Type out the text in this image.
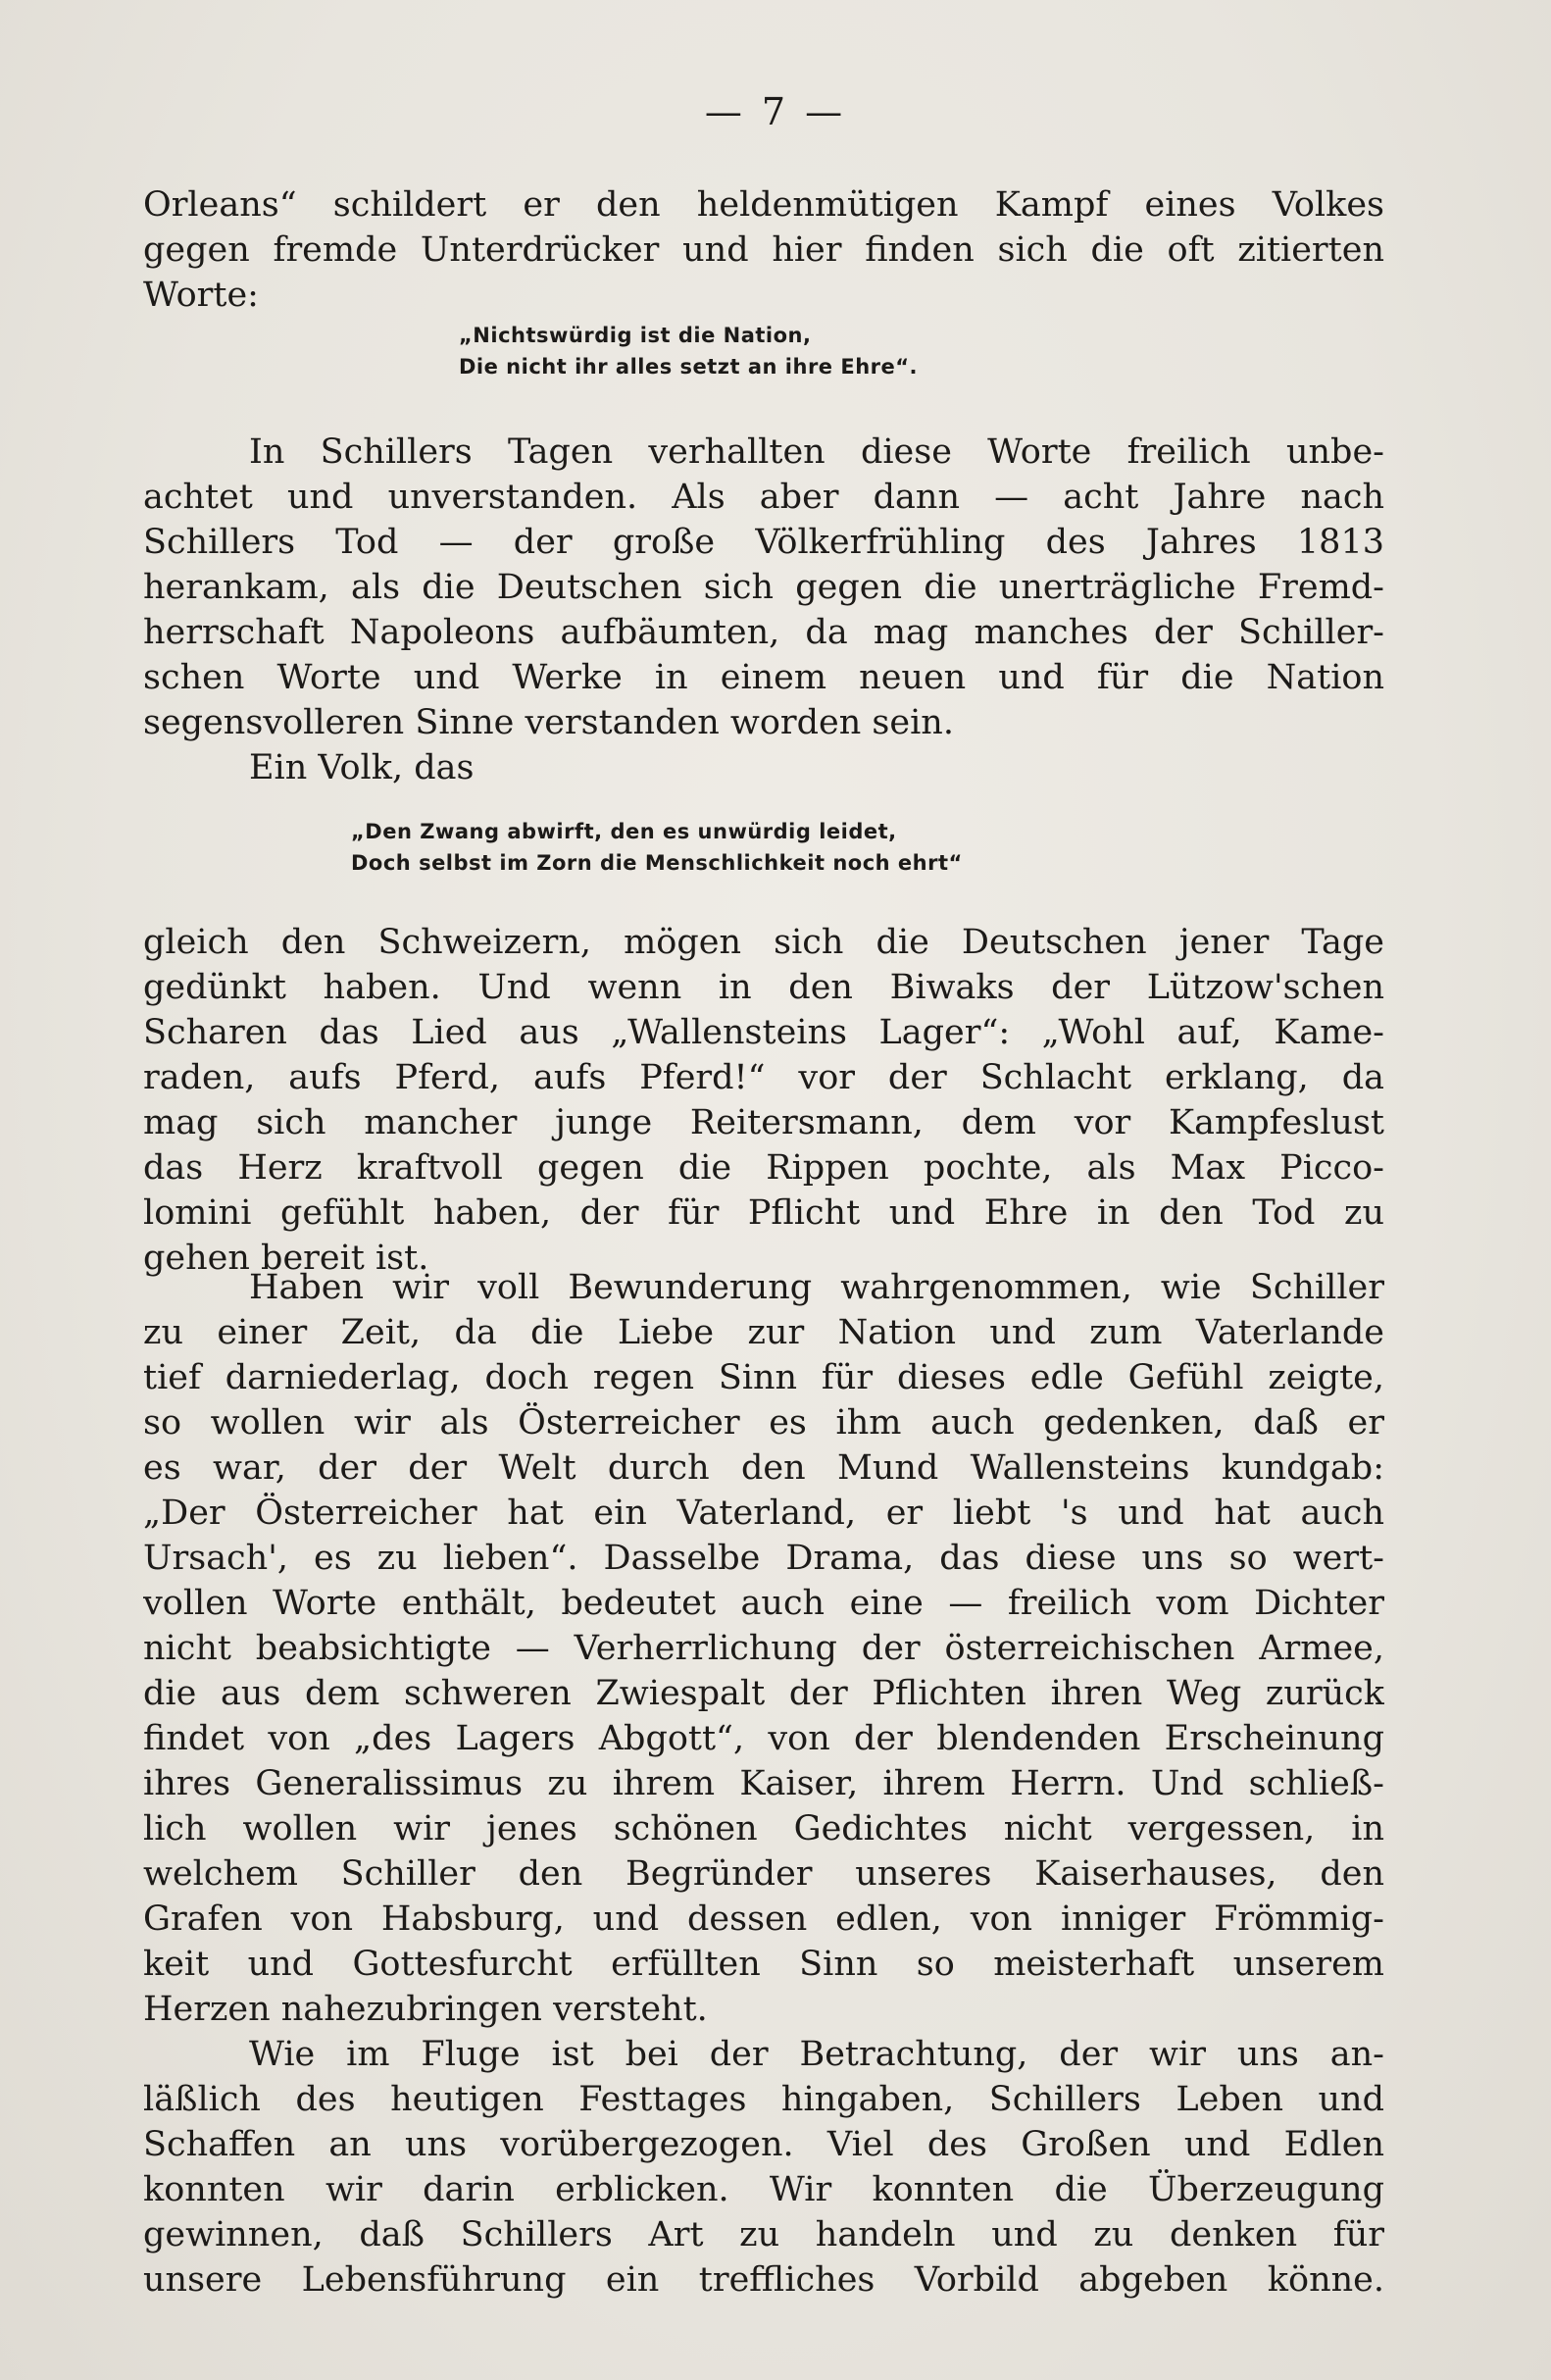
— 7 —
Orleans“ schildert er den heldenmütigen Kampf eines Volkes
gegen fremde Unterdrücker und hier finden sich die oft zitierten
Worte:
„Nichtswürdig ist die Nation,
Die nicht ihr alles setzt an ihre Ehre“.
In Schillers Tagen verhallten diese Worte freilich unbe-
achtet und unverstanden. Als aber dann — acht Jahre nach
Schillers Tod — der große Völkerfrühling des Jahres 1813
herankam, als die Deutschen sich gegen die unerträgliche Fremd-
herrschaft Napoleons aufbäumten, da mag manches der Schiller-
schen Worte und Werke in einem neuen und für die Nation
segensvolleren Sinne verstanden worden sein.
Ein Volk, das
„Den Zwang abwirft, den es unwürdig leidet,
Doch selbst im Zorn die Menschlichkeit noch ehrt“
gleich den Schweizern, mögen sich die Deutschen jener Tage
gedünkt haben. Und wenn in den Biwaks der Lützow'schen
Scharen das Lied aus „Wallensteins Lager“: „Wohl auf, Kame-
raden, aufs Pferd, aufs Pferd!“ vor der Schlacht erklang, da
mag sich mancher junge Reitersmann, dem vor Kampfeslust
das Herz kraftvoll gegen die Rippen pochte, als Max Picco-
lomini gefühlt haben, der für Pflicht und Ehre in den Tod zu
gehen bereit ist.
Haben wir voll Bewunderung wahrgenommen, wie Schiller
zu einer Zeit, da die Liebe zur Nation und zum Vaterlande
tief darniederlag, doch regen Sinn für dieses edle Gefühl zeigte,
so wollen wir als Österreicher es ihm auch gedenken, daß er
es war, der der Welt durch den Mund Wallensteins kundgab:
„Der Österreicher hat ein Vaterland, er liebt 's und hat auch
Ursach', es zu lieben“. Dasselbe Drama, das diese uns so wert-
vollen Worte enthält, bedeutet auch eine — freilich vom Dichter
nicht beabsichtigte — Verherrlichung der österreichischen Armee,
die aus dem schweren Zwiespalt der Pflichten ihren Weg zurück
findet von „des Lagers Abgott“, von der blendenden Erscheinung
ihres Generalissimus zu ihrem Kaiser, ihrem Herrn. Und schließ-
lich wollen wir jenes schönen Gedichtes nicht vergessen, in
welchem Schiller den Begründer unseres Kaiserhauses, den
Grafen von Habsburg, und dessen edlen, von inniger Frömmig-
keit und Gottesfurcht erfüllten Sinn so meisterhaft unserem
Herzen nahezubringen versteht.
Wie im Fluge ist bei der Betrachtung, der wir uns an-
läßlich des heutigen Festtages hingaben, Schillers Leben und
Schaffen an uns vorübergezogen. Viel des Großen und Edlen
konnten wir darin erblicken. Wir konnten die Überzeugung
gewinnen, daß Schillers Art zu handeln und zu denken für
unsere Lebensführung ein treffliches Vorbild abgeben könne.
